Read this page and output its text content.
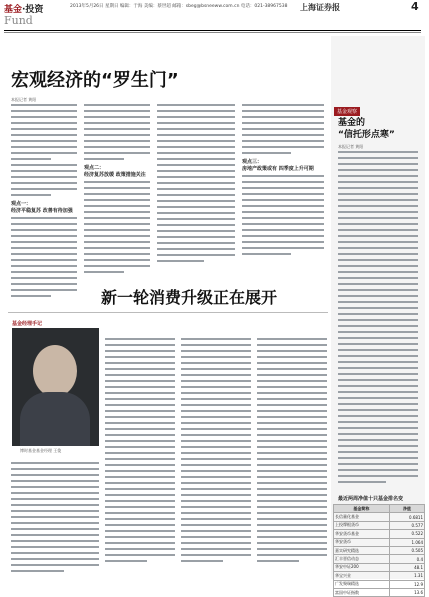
基金·投资	2013年5月26日 星期日 编辑：于海 美编：蔡世超 邮箱：sbeg@bsneeww.com.cn 电话：021-38967538 上海证券报	4
Fund
宏观经济的“罗生门”
本报记者 黄阳
观点一：
经济平稳复苏 改善有待加强
观点二：
经济复苏放缓 政策措施关注
观点三：
房地产政策或有 四季度上升可期
基金观察
基金的
“信托形点寒”
本报记者 黄阳
最近两周净值十只基金排名变
基金简称	净值
长信量化基金	0.6811
上投摩根货币	0.577
华安货币基金	0.522
华安货币	1.064
嘉实研究精选	0.505
汇丰晋信动态	0.4
华安中证200	48.1
华宝兴业	1.31
广发聚瑞精选	12.9
富国中证指数	13.6
基金经理手记
新一轮消费升级正在展开
博时基金基金经理 王俊
